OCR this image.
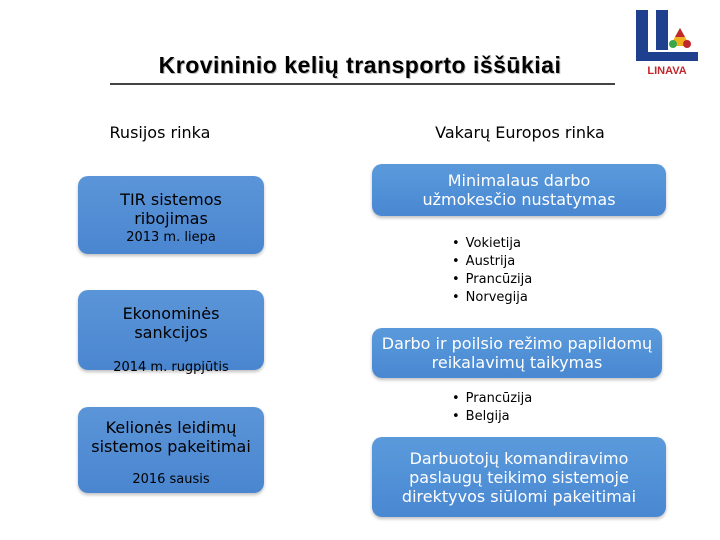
Krovininio kelių transporto iššūkiai	LINAVA
Rusijos rinka	Vakarų Europos rinka
TIR sistemos ribojimas
2013 m. liepa
Ekonominės sankcijos
2014 m. rugpjūtis
Kelionės leidimų sistemos pakeitimai
2016 sausis
Minimalaus darbo užmokesčio nustatymas
• Vokietija
• Austrija
• Prancūzija
• Norvegija
Darbo ir poilsio režimo papildomų reikalavimų taikymas
• Prancūzija
• Belgija
Darbuotojų komandiravimo paslaugų teikimo sistemoje direktyvos siūlomi pakeitimai
